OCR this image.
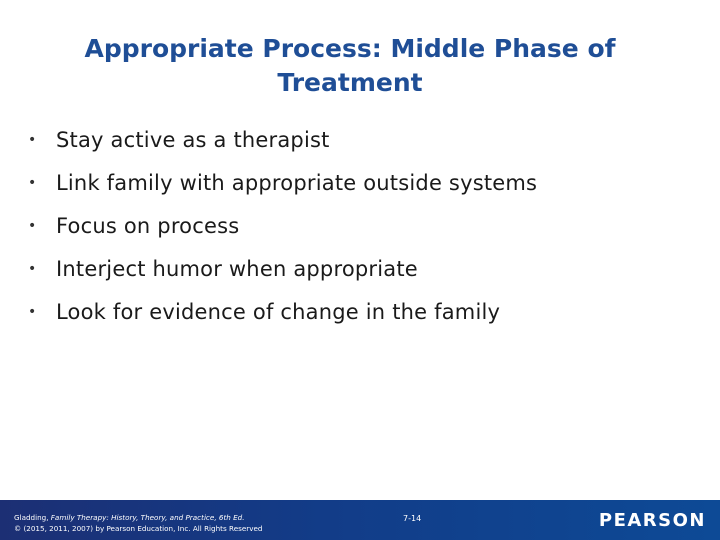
Appropriate Process: Middle Phase of Treatment
• Stay active as a therapist
• Link family with appropriate outside systems
• Focus on process
• Interject humor when appropriate
• Look for evidence of change in the family
Gladding, Family Therapy: History, Theory, and Practice, 6th Ed.
© (2015, 2011, 2007) by Pearson Education, Inc. All Rights Reserved
7-14	PEARSON
